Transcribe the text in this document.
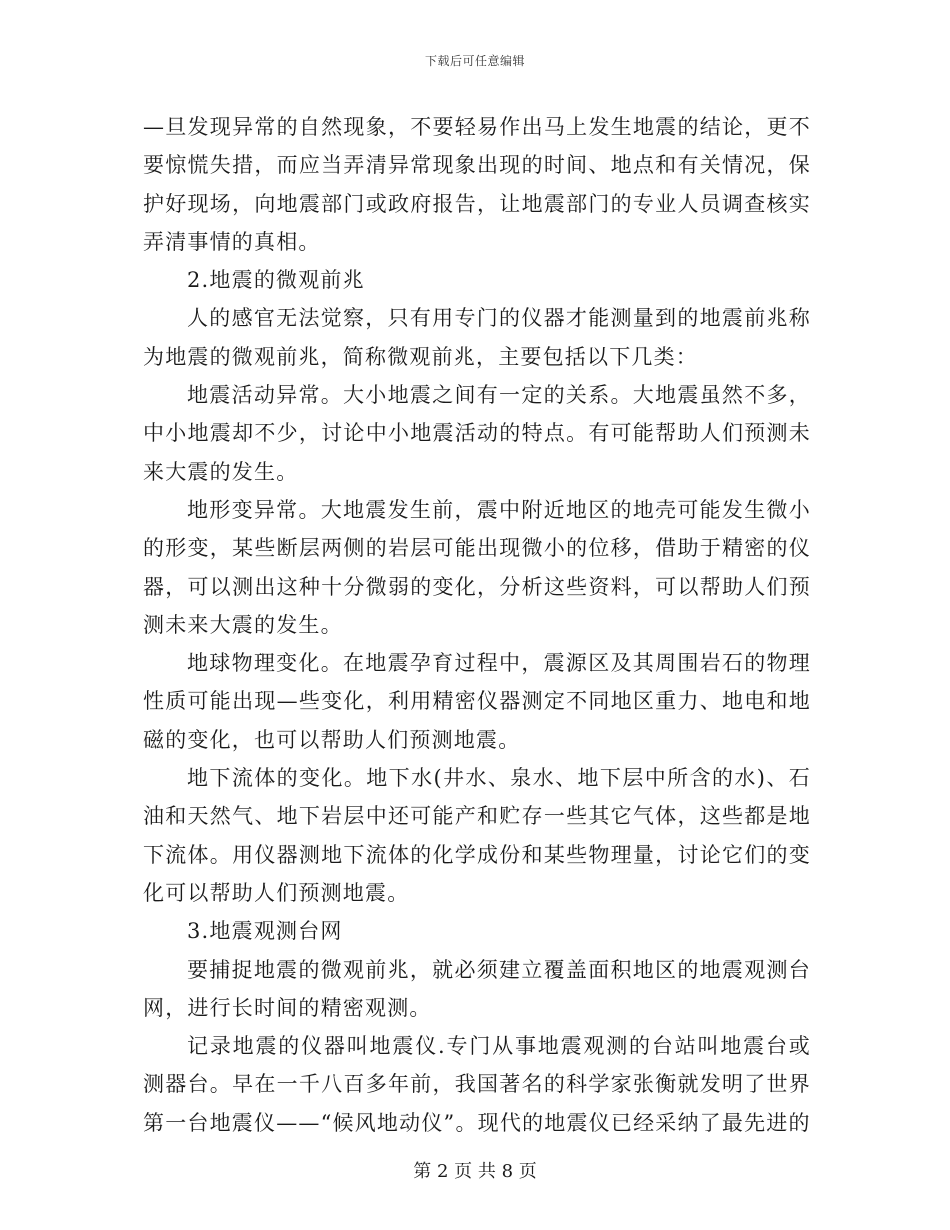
下载后可任意编辑

—旦发现异常的自然现象，不要轻易作出马上发生地震的结论，更不要惊慌失措，而应当弄清异常现象出现的时间、地点和有关情况，保护好现场，向地震部门或政府报告，让地震部门的专业人员调查核实弄清事情的真相。

2.地震的微观前兆

人的感官无法觉察，只有用专门的仪器才能测量到的地震前兆称为地震的微观前兆，简称微观前兆，主要包括以下几类：

地震活动异常。大小地震之间有一定的关系。大地震虽然不多，中小地震却不少，讨论中小地震活动的特点。有可能帮助人们预测未来大震的发生。

地形变异常。大地震发生前，震中附近地区的地壳可能发生微小的形变，某些断层两侧的岩层可能出现微小的位移，借助于精密的仪器，可以测出这种十分微弱的变化，分析这些资料，可以帮助人们预测未来大震的发生。

地球物理变化。在地震孕育过程中，震源区及其周围岩石的物理性质可能出现—些变化，利用精密仪器测定不同地区重力、地电和地磁的变化，也可以帮助人们预测地震。

地下流体的变化。地下水(井水、泉水、地下层中所含的水)、石油和天然气、地下岩层中还可能产和贮存一些其它气体，这些都是地下流体。用仪器测地下流体的化学成份和某些物理量，讨论它们的变化可以帮助人们预测地震。

3.地震观测台网

要捕捉地震的微观前兆，就必须建立覆盖面积地区的地震观测台网，进行长时间的精密观测。

记录地震的仪器叫地震仪.专门从事地震观测的台站叫地震台或测器台。早在一千八百多年前，我国著名的科学家张衡就发明了世界第一台地震仪——“候风地动仪”。现代的地震仪已经采纳了最先进的

第 2 页 共 8 页
